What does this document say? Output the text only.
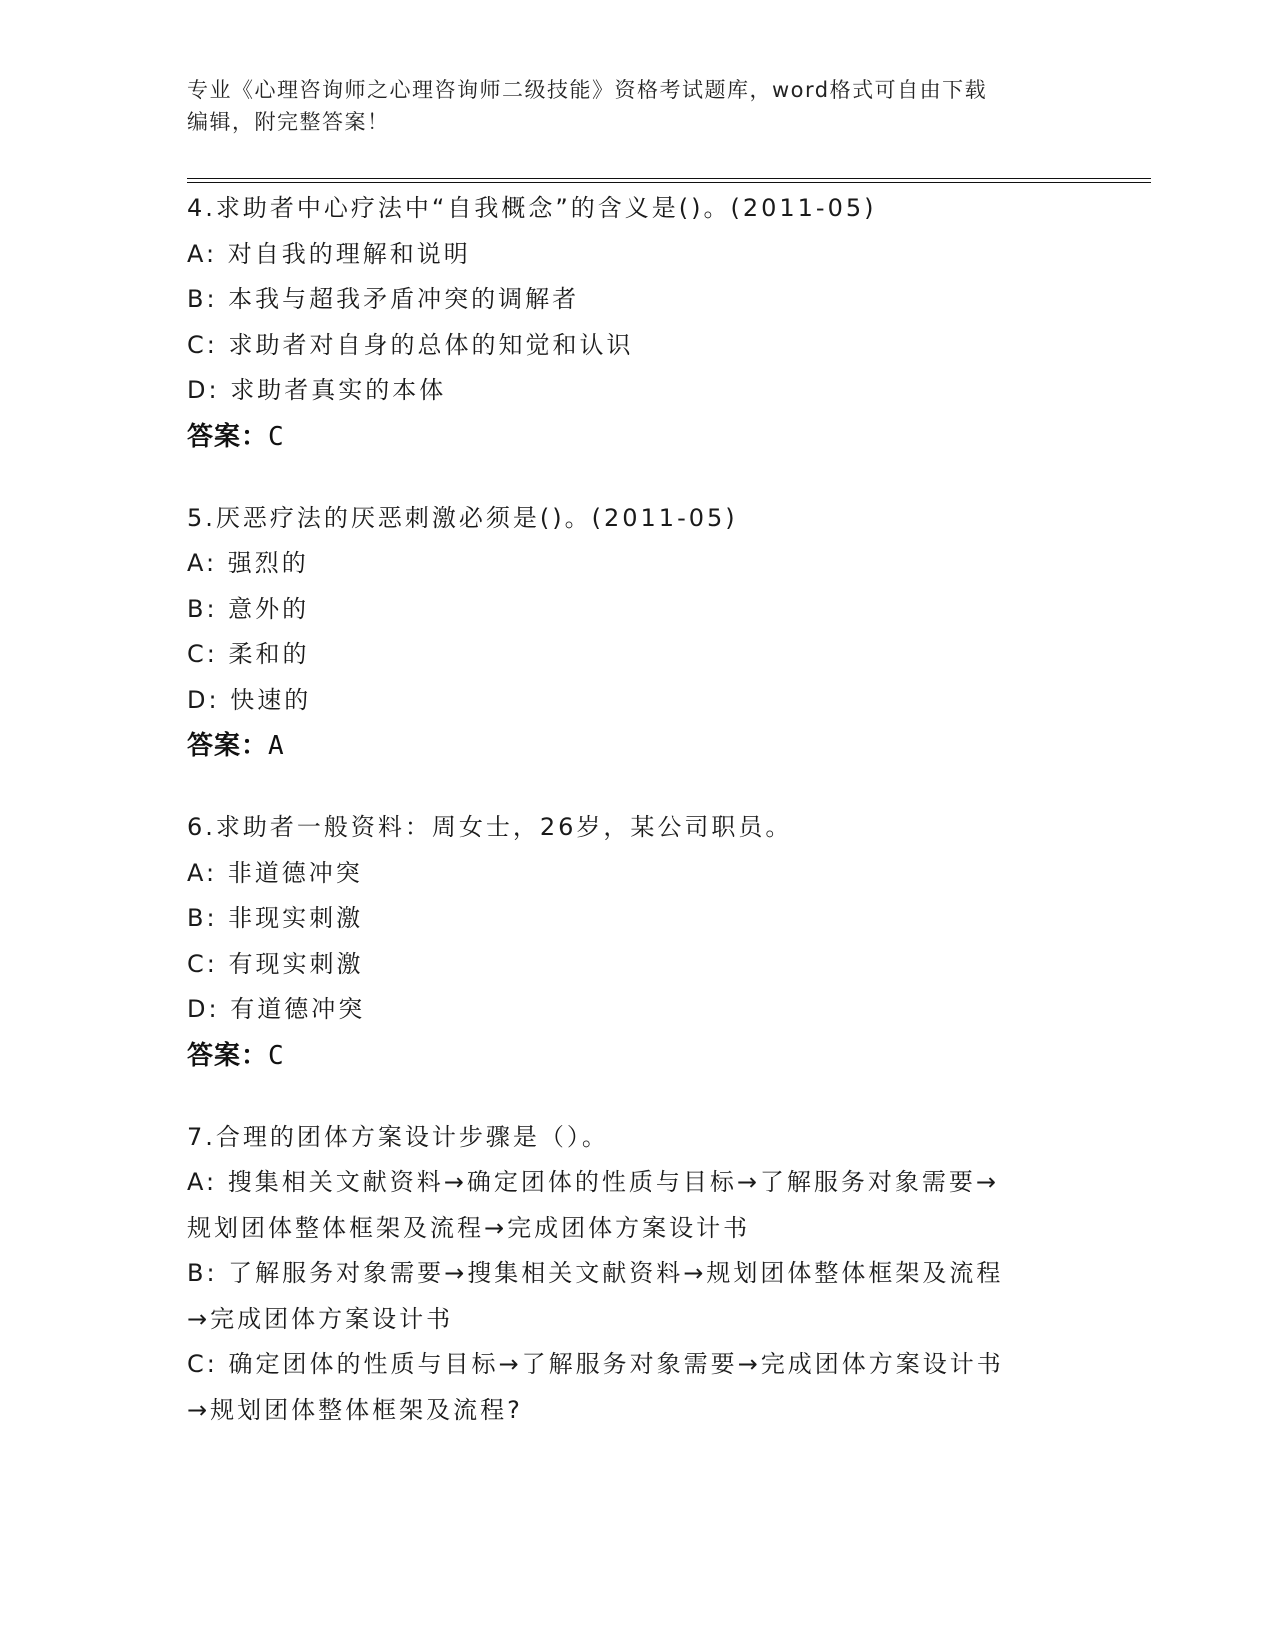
专业《心理咨询师之心理咨询师二级技能》资格考试题库，word格式可自由下载
编辑，附完整答案！
4.求助者中心疗法中“自我概念”的含义是()。(2011-05)
A: 对自我的理解和说明
B: 本我与超我矛盾冲突的调解者
C: 求助者对自身的总体的知觉和认识
D: 求助者真实的本体
答案：C
5.厌恶疗法的厌恶刺激必须是()。(2011-05)
A: 强烈的
B: 意外的
C: 柔和的
D: 快速的
答案：A
6.求助者一般资料：周女士，26岁，某公司职员。
A: 非道德冲突
B: 非现实刺激
C: 有现实刺激
D: 有道德冲突
答案：C
7.合理的团体方案设计步骤是（）。
A: 搜集相关文献资料→确定团体的性质与目标→了解服务对象需要→
规划团体整体框架及流程→完成团体方案设计书
B: 了解服务对象需要→搜集相关文献资料→规划团体整体框架及流程
→完成团体方案设计书
C: 确定团体的性质与目标→了解服务对象需要→完成团体方案设计书
→规划团体整体框架及流程?
